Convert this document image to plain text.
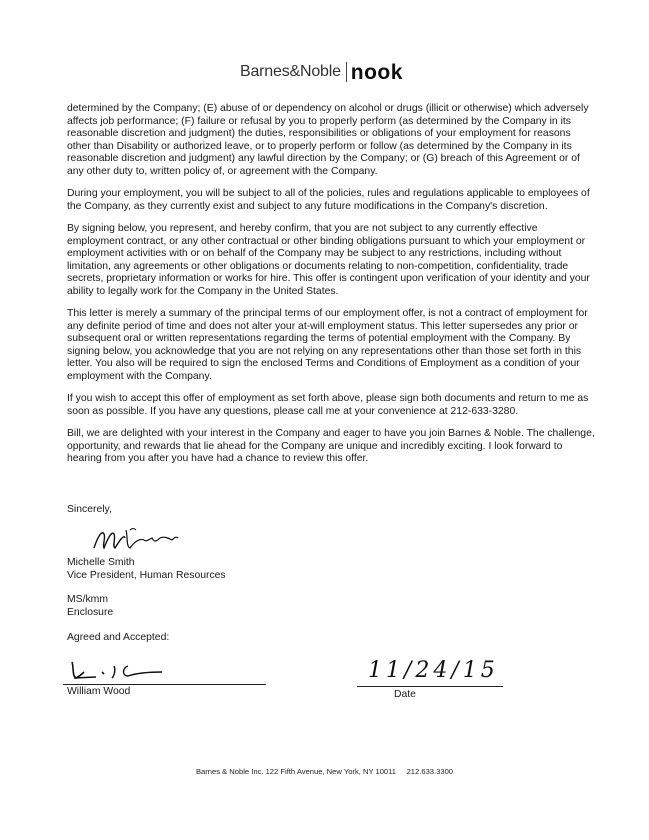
Barnes&Noble nook

determined by the Company; (E) abuse of or dependency on alcohol or drugs (illicit or otherwise) which adversely affects job performance; (F) failure or refusal by you to properly perform (as determined by the Company in its reasonable discretion and judgment) the duties, responsibilities or obligations of your employment for reasons other than Disability or authorized leave, or to properly perform or follow (as determined by the Company in its reasonable discretion and judgment) any lawful direction by the Company; or (G) breach of this Agreement or of any other duty to, written policy of, or agreement with the Company.

During your employment, you will be subject to all of the policies, rules and regulations applicable to employees of the Company, as they currently exist and subject to any future modifications in the Company's discretion.

By signing below, you represent, and hereby confirm, that you are not subject to any currently effective employment contract, or any other contractual or other binding obligations pursuant to which your employment or employment activities with or on behalf of the Company may be subject to any restrictions, including without limitation, any agreements or other obligations or documents relating to non-competition, confidentiality, trade secrets, proprietary information or works for hire. This offer is contingent upon verification of your identity and your ability to legally work for the Company in the United States.

This letter is merely a summary of the principal terms of our employment offer, is not a contract of employment for any definite period of time and does not alter your at-will employment status. This letter supersedes any prior or subsequent oral or written representations regarding the terms of potential employment with the Company. By signing below, you acknowledge that you are not relying on any representations other than those set forth in this letter. You also will be required to sign the enclosed Terms and Conditions of Employment as a condition of your employment with the Company.

If you wish to accept this offer of employment as set forth above, please sign both documents and return to me as soon as possible. If you have any questions, please call me at your convenience at 212-633-3280.

Bill, we are delighted with your interest in the Company and eager to have you join Barnes & Noble. The challenge, opportunity, and rewards that lie ahead for the Company are unique and incredibly exciting. I look forward to hearing from you after you have had a chance to review this offer.

Sincerely,
Michelle Smith
Vice President, Human Resources
MS/kmm
Enclosure
Agreed and Accepted:
William Wood
11/24/15
Date
Barnes & Noble Inc. 122 Fifth Avenue, New York, NY 10011     212.633.3300
